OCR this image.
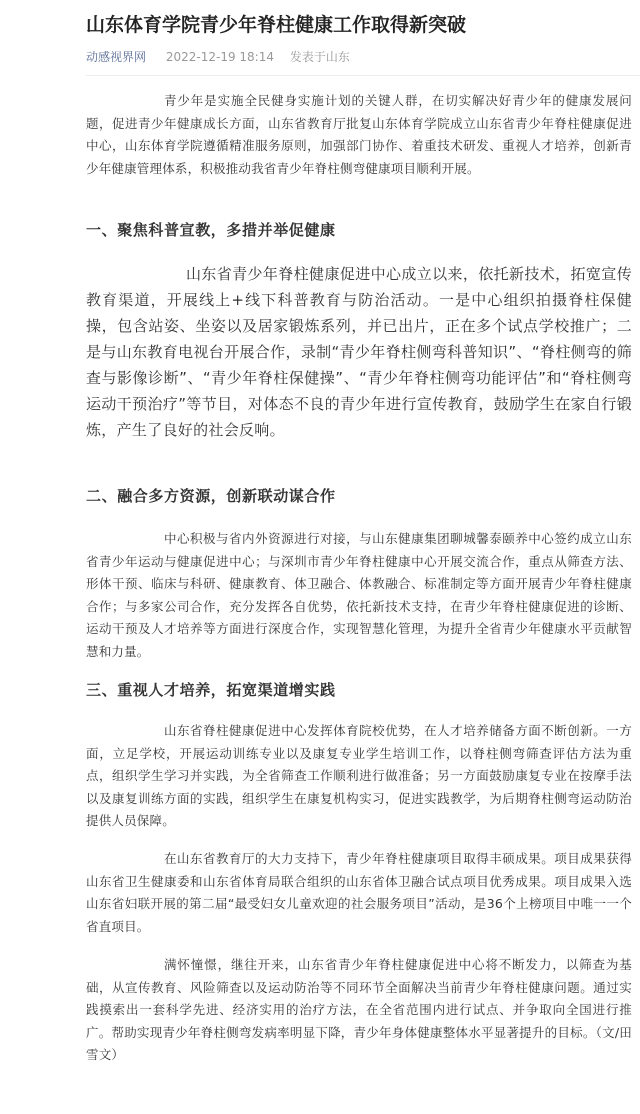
山东体育学院青少年脊柱健康工作取得新突破
动感视界网 2022-12-19 18:14 发表于山东

青少年是实施全民健身实施计划的关键人群，在切实解决好青少年的健康发展问题，促进青少年健康成长方面，山东省教育厅批复山东体育学院成立山东省青少年脊柱健康促进中心，山东体育学院遵循精准服务原则，加强部门协作、着重技术研发、重视人才培养，创新青少年健康管理体系，积极推动我省青少年脊柱侧弯健康项目顺利开展。

一、聚焦科普宣教，多措并举促健康

山东省青少年脊柱健康促进中心成立以来，依托新技术，拓宽宣传教育渠道，开展线上+线下科普教育与防治活动。一是中心组织拍摄脊柱保健操，包含站姿、坐姿以及居家锻炼系列，并已出片，正在多个试点学校推广；二是与山东教育电视台开展合作，录制“青少年脊柱侧弯科普知识”、“脊柱侧弯的筛查与影像诊断”、“青少年脊柱保健操”、“青少年脊柱侧弯功能评估”和“脊柱侧弯运动干预治疗”等节目，对体态不良的青少年进行宣传教育，鼓励学生在家自行锻炼，产生了良好的社会反响。

二、融合多方资源，创新联动谋合作

中心积极与省内外资源进行对接，与山东健康集团聊城馨泰颐养中心签约成立山东省青少年运动与健康促进中心；与深圳市青少年脊柱健康中心开展交流合作，重点从筛查方法、形体干预、临床与科研、健康教育、体卫融合、体教融合、标准制定等方面开展青少年脊柱健康合作；与多家公司合作，充分发挥各自优势，依托新技术支持，在青少年脊柱健康促进的诊断、运动干预及人才培养等方面进行深度合作，实现智慧化管理，为提升全省青少年健康水平贡献智慧和力量。

三、重视人才培养，拓宽渠道增实践

山东省脊柱健康促进中心发挥体育院校优势，在人才培养储备方面不断创新。一方面，立足学校，开展运动训练专业以及康复专业学生培训工作，以脊柱侧弯筛查评估方法为重点，组织学生学习并实践，为全省筛查工作顺利进行做准备；另一方面鼓励康复专业在按摩手法以及康复训练方面的实践，组织学生在康复机构实习，促进实践教学，为后期脊柱侧弯运动防治提供人员保障。

在山东省教育厅的大力支持下，青少年脊柱健康项目取得丰硕成果。项目成果获得山东省卫生健康委和山东省体育局联合组织的山东省体卫融合试点项目优秀成果。项目成果入选山东省妇联开展的第二届“最受妇女儿童欢迎的社会服务项目”活动，是36个上榜项目中唯一一个省直项目。

满怀憧憬，继往开来，山东省青少年脊柱健康促进中心将不断发力，以筛查为基础，从宣传教育、风险筛查以及运动防治等不同环节全面解决当前青少年脊柱健康问题。通过实践摸索出一套科学先进、经济实用的治疗方法，在全省范围内进行试点、并争取向全国进行推广。帮助实现青少年脊柱侧弯发病率明显下降，青少年身体健康整体水平显著提升的目标。（文/田雪文）
